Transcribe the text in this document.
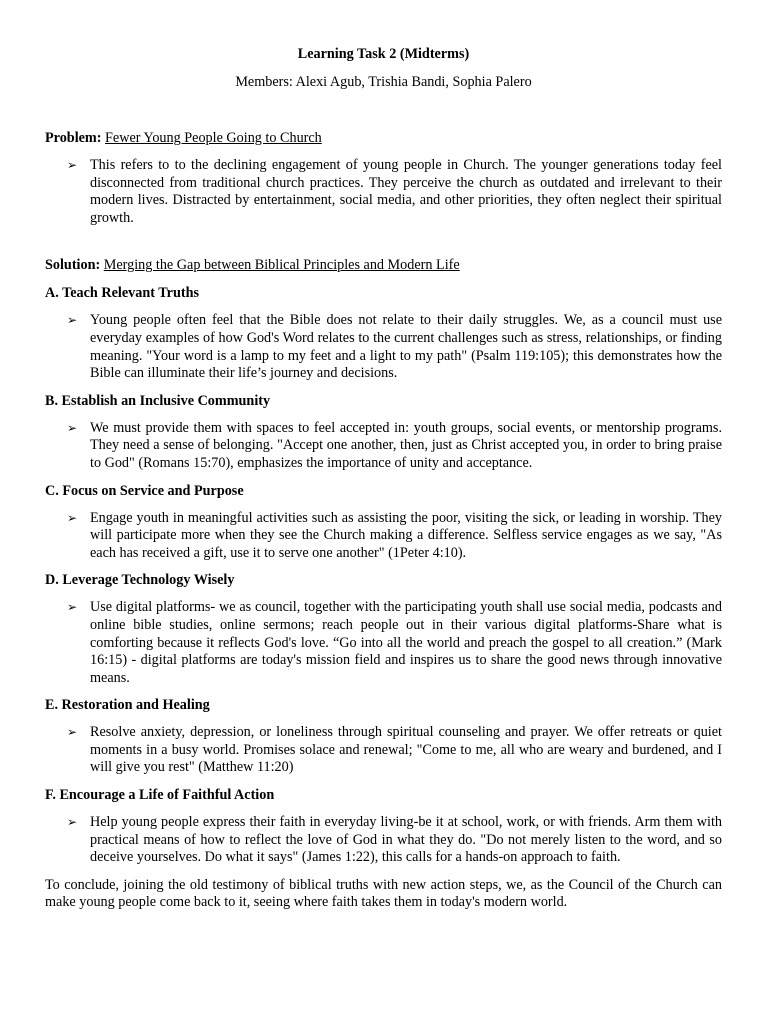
Learning Task 2 (Midterms)

Members: Alexi Agub, Trishia Bandi, Sophia Palero

Problem: Fewer Young People Going to Church

➢ This refers to to the declining engagement of young people in Church. The younger generations today feel disconnected from traditional church practices. They perceive the church as outdated and irrelevant to their modern lives. Distracted by entertainment, social media, and other priorities, they often neglect their spiritual growth.

Solution: Merging the Gap between Biblical Principles and Modern Life

A. Teach Relevant Truths

➢ Young people often feel that the Bible does not relate to their daily struggles. We, as a council must use everyday examples of how God's Word relates to the current challenges such as stress, relationships, or finding meaning. "Your word is a lamp to my feet and a light to my path" (Psalm 119:105); this demonstrates how the Bible can illuminate their life’s journey and decisions.

B. Establish an Inclusive Community

➢ We must provide them with spaces to feel accepted in: youth groups, social events, or mentorship programs. They need a sense of belonging. "Accept one another, then, just as Christ accepted you, in order to bring praise to God" (Romans 15:70), emphasizes the importance of unity and acceptance.

C. Focus on Service and Purpose

➢ Engage youth in meaningful activities such as assisting the poor, visiting the sick, or leading in worship. They will participate more when they see the Church making a difference. Selfless service engages as we say, "As each has received a gift, use it to serve one another" (1Peter 4:10).

D. Leverage Technology Wisely

➢ Use digital platforms- we as council, together with the participating youth shall use social media, podcasts and online bible studies, online sermons; reach people out in their various digital platforms-Share what is comforting because it reflects God's love. “Go into all the world and preach the gospel to all creation.” (Mark 16:15) - digital platforms are today's mission field and inspires us to share the good news through innovative means.

E. Restoration and Healing

➢ Resolve anxiety, depression, or loneliness through spiritual counseling and prayer. We offer retreats or quiet moments in a busy world. Promises solace and renewal; "Come to me, all who are weary and burdened, and I will give you rest" (Matthew 11:20)

F. Encourage a Life of Faithful Action

➢ Help young people express their faith in everyday living-be it at school, work, or with friends. Arm them with practical means of how to reflect the love of God in what they do. "Do not merely listen to the word, and so deceive yourselves. Do what it says" (James 1:22), this calls for a hands-on approach to faith.

To conclude, joining the old testimony of biblical truths with new action steps, we, as the Council of the Church can make young people come back to it, seeing where faith takes them in today's modern world.
